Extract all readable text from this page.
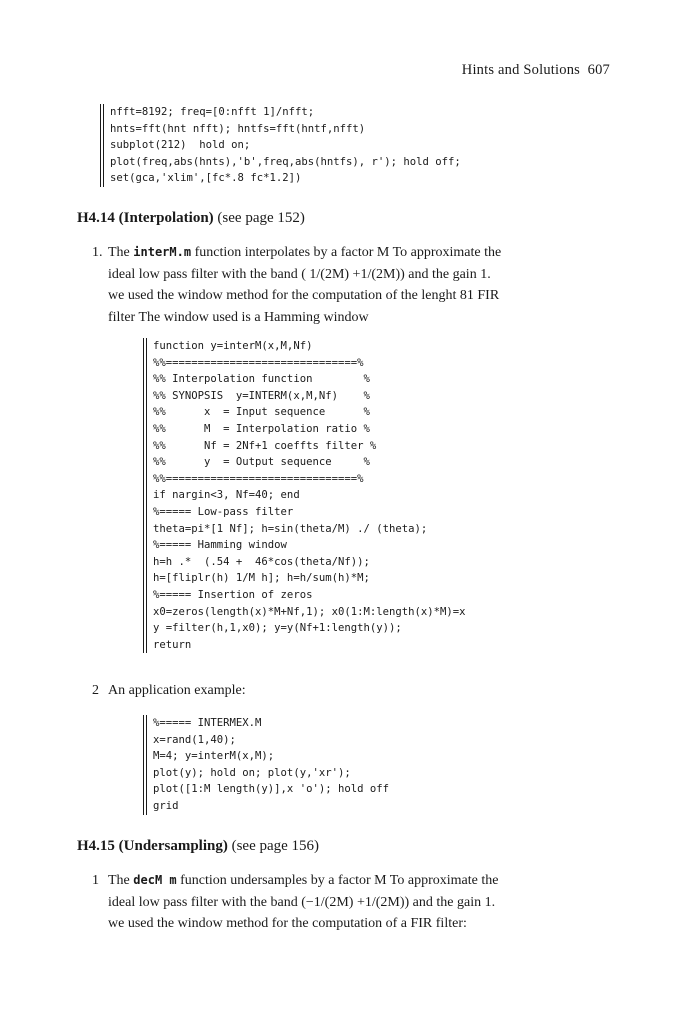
Hints and Solutions 607
nfft=8192; freq=[0:nfft 1]/nfft;
hnts=fft(hnt nfft); hntfs=fft(hntf,nfft)
subplot(212)  hold on;
plot(freq,abs(hnts),'b',freq,abs(hntfs), r'); hold off;
set(gca,'xlim',[fc*.8 fc*1.2])
H4.14 (Interpolation) (see page 152)
1. The interM.m function interpolates by a factor M To approximate the
ideal low pass filter with the band ( 1/(2M) +1/(2M)) and the gain 1.
we used the window method for the computation of the lenght 81 FIR
filter The window used is a Hamming window
function y=interM(x,M,Nf)
%%==============================%
%% Interpolation function        %
%% SYNOPSIS  y=INTERM(x,M,Nf)    %
%%      x  = Input sequence      %
%%      M  = Interpolation ratio %
%%      Nf = 2Nf+1 coeffts filter %
%%      y  = Output sequence     %
%%==============================%
if nargin<3, Nf=40; end
%===== Low-pass filter
theta=pi*[1 Nf]; h=sin(theta/M) ./ (theta);
%===== Hamming window
h=h .*  (.54 +  46*cos(theta/Nf));
h=[fliplr(h) 1/M h]; h=h/sum(h)*M;
%===== Insertion of zeros
x0=zeros(length(x)*M+Nf,1); x0(1:M:length(x)*M)=x
y =filter(h,1,x0); y=y(Nf+1:length(y));
return
2 An application example:
%===== INTERMEX.M
x=rand(1,40);
M=4; y=interM(x,M);
plot(y); hold on; plot(y,'xr');
plot([1:M length(y)],x 'o'); hold off
grid
H4.15 (Undersampling) (see page 156)
1 The decM m function undersamples by a factor M To approximate the
ideal low pass filter with the band (−1/(2M) +1/(2M)) and the gain 1.
we used the window method for the computation of a FIR filter:
